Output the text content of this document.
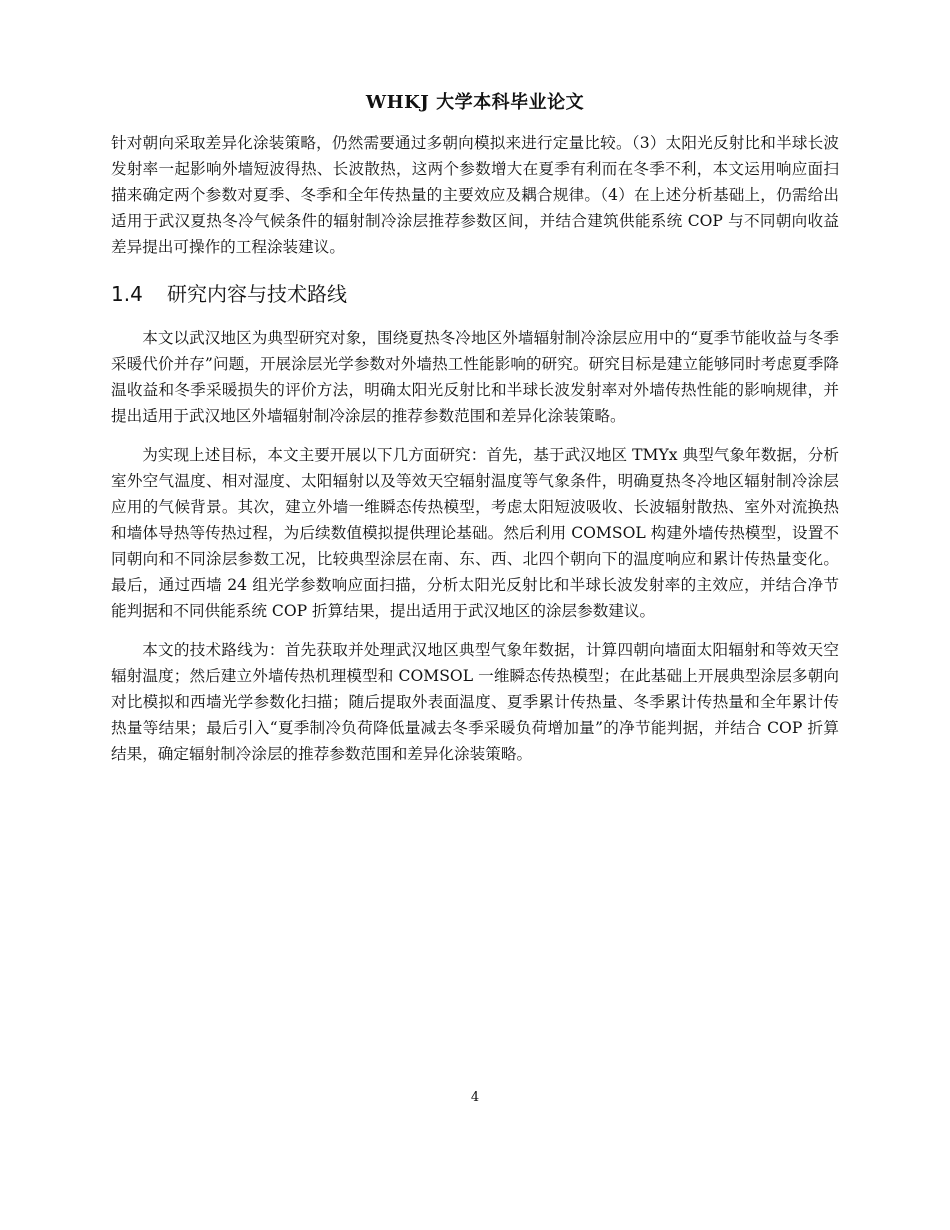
WHKJ 大学本科毕业论文

针对朝向采取差异化涂装策略，仍然需要通过多朝向模拟来进行定量比较。（3）太阳光反射比和半球长波发射率一起影响外墙短波得热、长波散热，这两个参数增大在夏季有利而在冬季不利，本文运用响应面扫描来确定两个参数对夏季、冬季和全年传热量的主要效应及耦合规律。（4）在上述分析基础上，仍需给出适用于武汉夏热冬冷气候条件的辐射制冷涂层推荐参数区间，并结合建筑供能系统 COP 与不同朝向收益差异提出可操作的工程涂装建议。

1.4 研究内容与技术路线

本文以武汉地区为典型研究对象，围绕夏热冬冷地区外墙辐射制冷涂层应用中的“夏季节能收益与冬季采暖代价并存”问题，开展涂层光学参数对外墙热工性能影响的研究。研究目标是建立能够同时考虑夏季降温收益和冬季采暖损失的评价方法，明确太阳光反射比和半球长波发射率对外墙传热性能的影响规律，并提出适用于武汉地区外墙辐射制冷涂层的推荐参数范围和差异化涂装策略。

为实现上述目标，本文主要开展以下几方面研究：首先，基于武汉地区 TMYx 典型气象年数据，分析室外空气温度、相对湿度、太阳辐射以及等效天空辐射温度等气象条件，明确夏热冬冷地区辐射制冷涂层应用的气候背景。其次，建立外墙一维瞬态传热模型，考虑太阳短波吸收、长波辐射散热、室外对流换热和墙体导热等传热过程，为后续数值模拟提供理论基础。然后利用 COMSOL 构建外墙传热模型，设置不同朝向和不同涂层参数工况，比较典型涂层在南、东、西、北四个朝向下的温度响应和累计传热量变化。最后，通过西墙 24 组光学参数响应面扫描，分析太阳光反射比和半球长波发射率的主效应，并结合净节能判据和不同供能系统 COP 折算结果，提出适用于武汉地区的涂层参数建议。

本文的技术路线为：首先获取并处理武汉地区典型气象年数据，计算四朝向墙面太阳辐射和等效天空辐射温度；然后建立外墙传热机理模型和 COMSOL 一维瞬态传热模型；在此基础上开展典型涂层多朝向对比模拟和西墙光学参数化扫描；随后提取外表面温度、夏季累计传热量、冬季累计传热量和全年累计传热量等结果；最后引入“夏季制冷负荷降低量减去冬季采暖负荷增加量”的净节能判据，并结合 COP 折算结果，确定辐射制冷涂层的推荐参数范围和差异化涂装策略。

4
